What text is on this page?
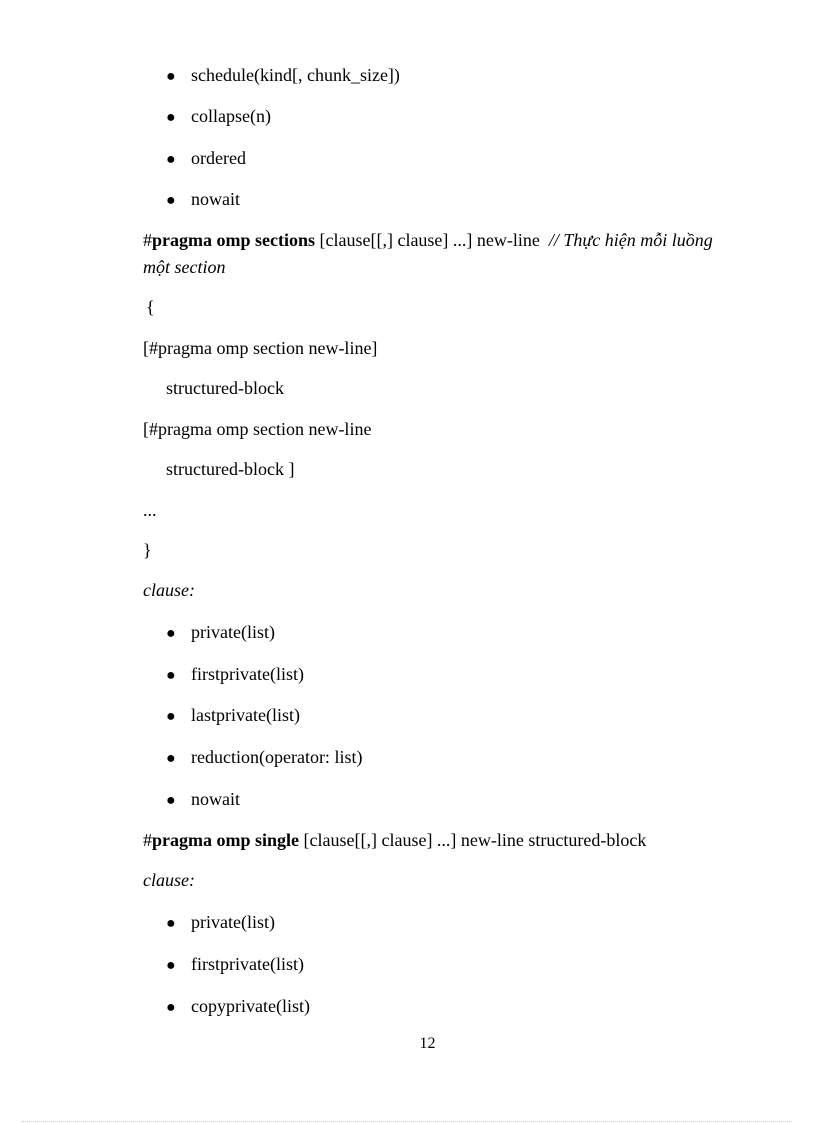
● schedule(kind[, chunk_size])
● collapse(n)
● ordered
● nowait
#pragma omp sections [clause[[,] clause] ...] new-line // Thực hiện mỗi luồng
một section
{
[#pragma omp section new-line]
structured-block
[#pragma omp section new-line
structured-block ]
...
}
clause:
● private(list)
● firstprivate(list)
● lastprivate(list)
● reduction(operator: list)
● nowait
#pragma omp single [clause[[,] clause] ...] new-line structured-block
clause:
● private(list)
● firstprivate(list)
● copyprivate(list)
12
